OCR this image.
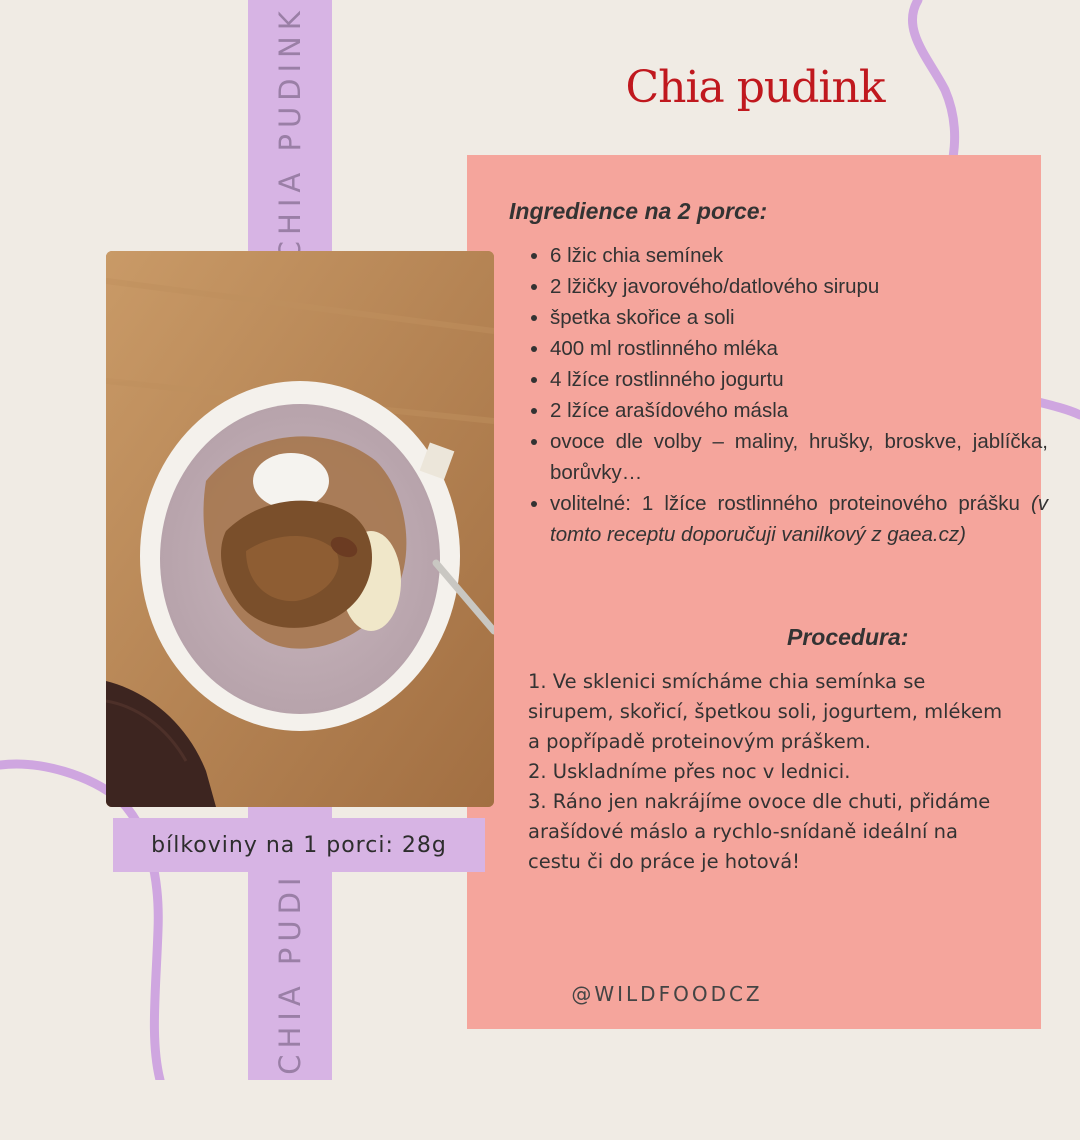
Chia pudink
bílkoviny na 1 porci: 28g
Ingredience na 2 porce:
• 6 lžic chia semínek
• 2 lžičky javorového/datlového sirupu
• špetka skořice a soli
• 400 ml rostlinného mléka
• 4 lžíce rostlinného jogurtu
• 2 lžíce arašídového másla
• ovoce dle volby – maliny, hrušky, broskve, jablíčka, borůvky…
• volitelné: 1 lžíce rostlinného proteinového prášku (v tomto receptu doporučuji vanilkový z gaea.cz)
Procedura:
1. Ve sklenici smícháme chia semínka se
sirupem, skořicí, špetkou soli, jogurtem, mlékem
a popřípadě proteinovým práškem.
2. Uskladníme přes noc v lednici.
3. Ráno jen nakrájíme ovoce dle chuti, přidáme
arašídové máslo a rychlo-snídaně ideální na
cestu či do práce je hotová!
@WILDFOODCZ
